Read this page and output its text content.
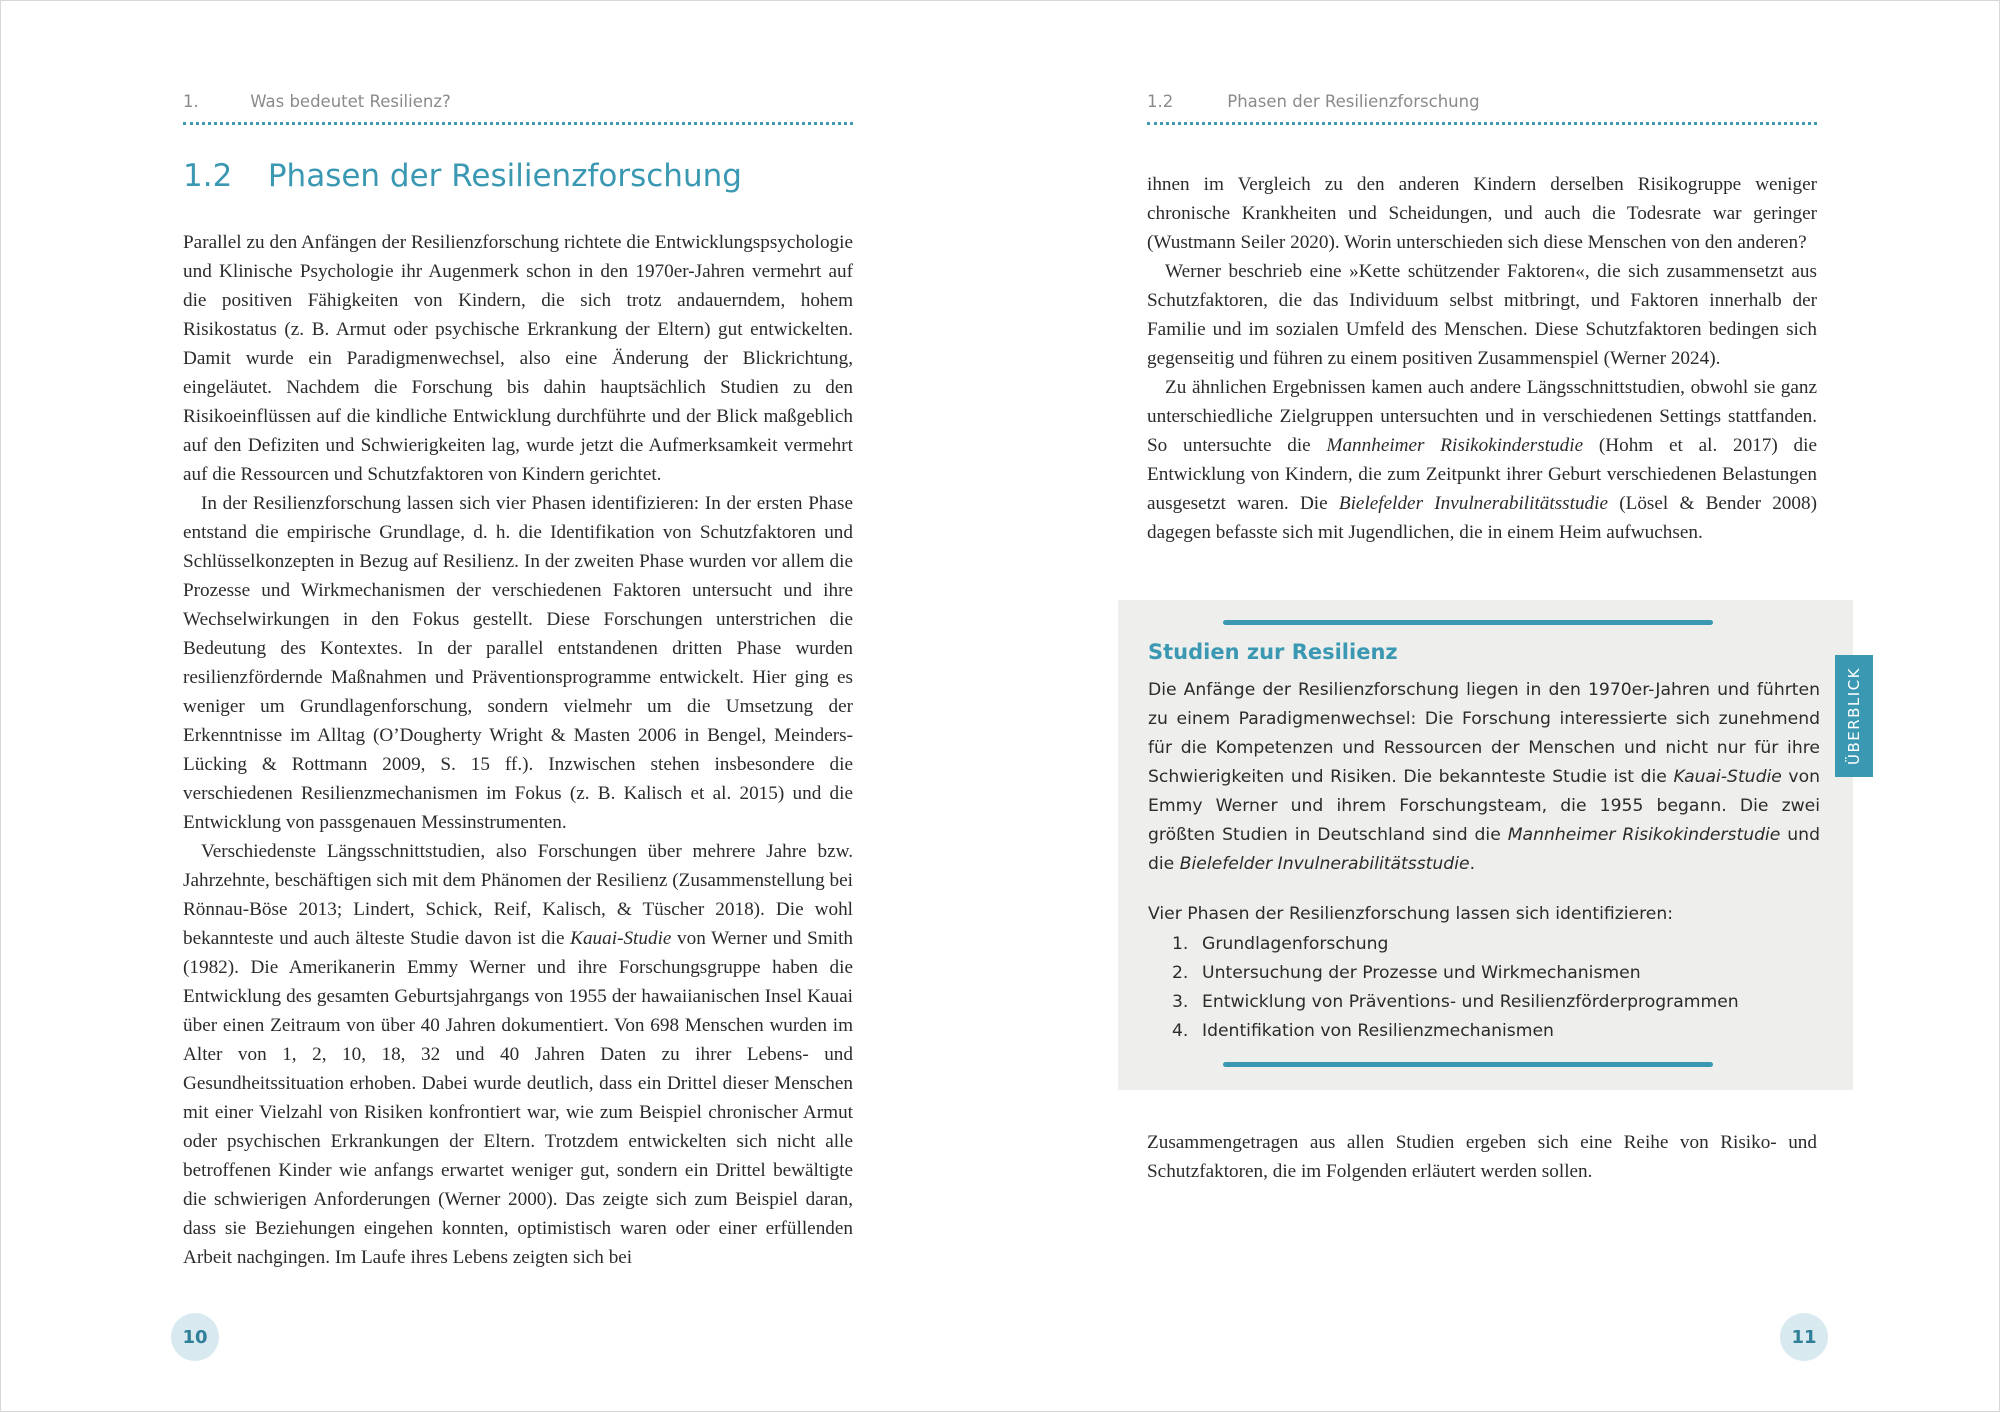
1.	Was bedeutet Resilienz?
1.2 Phasen der Resilienzforschung

Parallel zu den Anfängen der Resilienzforschung richtete die Entwicklungspsychologie und Klinische Psychologie ihr Augenmerk schon in den 1970er-Jahren vermehrt auf die positiven Fähigkeiten von Kindern, die sich trotz andauerndem, hohem Risikostatus (z. B. Armut oder psychische Erkrankung der Eltern) gut entwickelten. Damit wurde ein Paradigmenwechsel, also eine Änderung der Blickrichtung, eingeläutet. Nachdem die Forschung bis dahin hauptsächlich Studien zu den Risikoeinflüssen auf die kindliche Entwicklung durchführte und der Blick maßgeblich auf den Defiziten und Schwierigkeiten lag, wurde jetzt die Aufmerksamkeit vermehrt auf die Ressourcen und Schutzfaktoren von Kindern gerichtet.

In der Resilienzforschung lassen sich vier Phasen identifizieren: In der ersten Phase entstand die empirische Grundlage, d. h. die Identifikation von Schutzfaktoren und Schlüsselkonzepten in Bezug auf Resilienz. In der zweiten Phase wurden vor allem die Prozesse und Wirkmechanismen der verschiedenen Faktoren untersucht und ihre Wechselwirkungen in den Fokus gestellt. Diese Forschungen unterstrichen die Bedeutung des Kontextes. In der parallel entstandenen dritten Phase wurden resilienzfördernde Maßnahmen und Präventionsprogramme entwickelt. Hier ging es weniger um Grundlagenforschung, sondern vielmehr um die Umsetzung der Erkenntnisse im Alltag (O’Dougherty Wright & Masten 2006 in Bengel, Meinders-Lücking & Rottmann 2009, S. 15 ff.). Inzwischen stehen insbesondere die verschiedenen Resilienzmechanismen im Fokus (z. B. Kalisch et al. 2015) und die Entwicklung von passgenauen Messinstrumenten.

Verschiedenste Längsschnittstudien, also Forschungen über mehrere Jahre bzw. Jahrzehnte, beschäftigen sich mit dem Phänomen der Resilienz (Zusammenstellung bei Rönnau-Böse 2013; Lindert, Schick, Reif, Kalisch, & Tüscher 2018). Die wohl bekannteste und auch älteste Studie davon ist die Kauai-Studie von Werner und Smith (1982). Die Amerikanerin Emmy Werner und ihre Forschungsgruppe haben die Entwicklung des gesamten Geburtsjahrgangs von 1955 der hawaiianischen Insel Kauai über einen Zeitraum von über 40 Jahren dokumentiert. Von 698 Menschen wurden im Alter von 1, 2, 10, 18, 32 und 40 Jahren Daten zu ihrer Lebens- und Gesundheitssituation erhoben. Dabei wurde deutlich, dass ein Drittel dieser Menschen mit einer Vielzahl von Risiken konfrontiert war, wie zum Beispiel chronischer Armut oder psychischen Erkrankungen der Eltern. Trotzdem entwickelten sich nicht alle betroffenen Kinder wie anfangs erwartet weniger gut, sondern ein Drittel bewältigte die schwierigen Anforderungen (Werner 2000). Das zeigte sich zum Beispiel daran, dass sie Beziehungen eingehen konnten, optimistisch waren oder einer erfüllenden Arbeit nachgingen. Im Laufe ihres Lebens zeigten sich bei

10
1.2	Phasen der Resilienzforschung

ihnen im Vergleich zu den anderen Kindern derselben Risikogruppe weniger chronische Krankheiten und Scheidungen, und auch die Todesrate war geringer (Wustmann Seiler 2020). Worin unterschieden sich diese Menschen von den anderen?

Werner beschrieb eine »Kette schützender Faktoren«, die sich zusammensetzt aus Schutzfaktoren, die das Individuum selbst mitbringt, und Faktoren innerhalb der Familie und im sozialen Umfeld des Menschen. Diese Schutzfaktoren bedingen sich gegenseitig und führen zu einem positiven Zusammenspiel (Werner 2024).

Zu ähnlichen Ergebnissen kamen auch andere Längsschnittstudien, obwohl sie ganz unterschiedliche Zielgruppen untersuchten und in verschiedenen Settings stattfanden. So untersuchte die Mannheimer Risikokinderstudie (Hohm et al. 2017) die Entwicklung von Kindern, die zum Zeitpunkt ihrer Geburt verschiedenen Belastungen ausgesetzt waren. Die Bielefelder Invulnerabilitätsstudie (Lösel & Bender 2008) dagegen befasste sich mit Jugendlichen, die in einem Heim aufwuchsen.

Studien zur Resilienz

Die Anfänge der Resilienzforschung liegen in den 1970er-Jahren und führten zu einem Paradigmenwechsel: Die Forschung interessierte sich zunehmend für die Kompetenzen und Ressourcen der Menschen und nicht nur für ihre Schwierigkeiten und Risiken. Die bekannteste Studie ist die Kauai-Studie von Emmy Werner und ihrem Forschungsteam, die 1955 begann. Die zwei größten Studien in Deutschland sind die Mannheimer Risikokinderstudie und die Bielefelder Invulnerabilitätsstudie.

Vier Phasen der Resilienzforschung lassen sich identifizieren:
1. Grundlagenforschung
2. Untersuchung der Prozesse und Wirkmechanismen
3. Entwicklung von Präventions- und Resilienzförderprogrammen
4. Identifikation von Resilienzmechanismen
ÜBERBLICK

Zusammengetragen aus allen Studien ergeben sich eine Reihe von Risiko- und Schutzfaktoren, die im Folgenden erläutert werden sollen.

11
